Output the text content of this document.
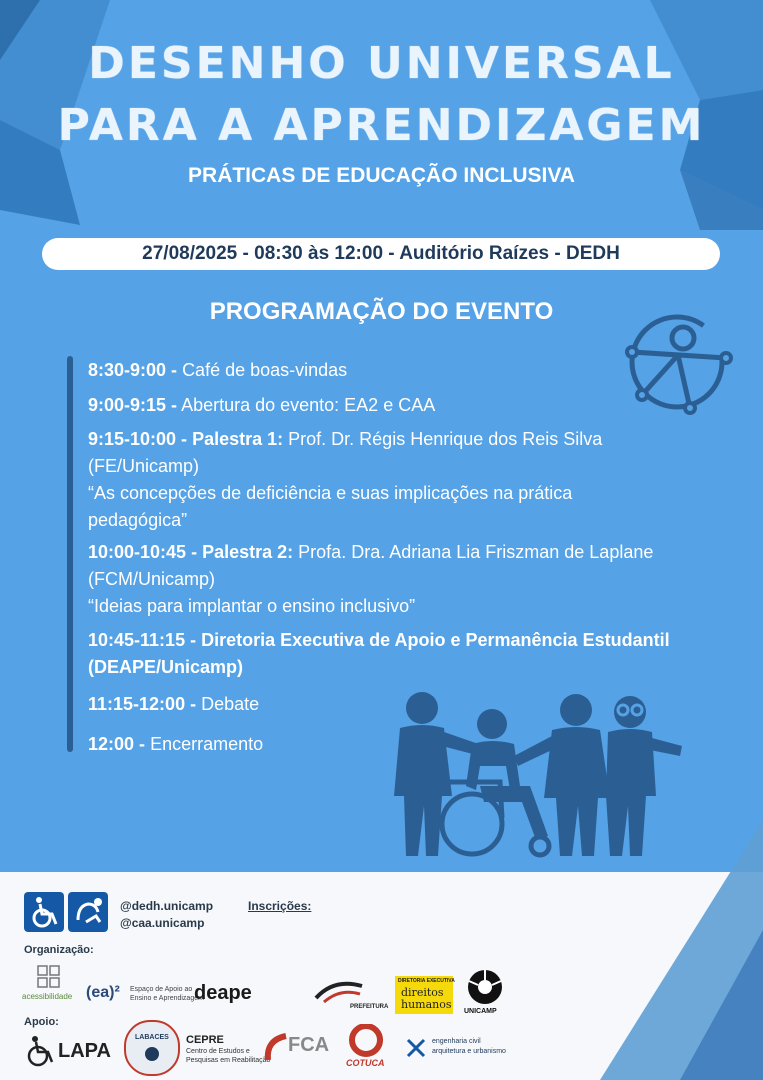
DESENHO UNIVERSAL
PARA A APRENDIZAGEM
PRÁTICAS DE EDUCAÇÃO INCLUSIVA
27/08/2025 - 08:30 às 12:00 - Auditório Raízes - DEDH
PROGRAMAÇÃO DO EVENTO
8:30-9:00 - Café de boas-vindas
9:00-9:15 - Abertura do evento: EA2 e CAA
9:15-10:00 - Palestra 1: Prof. Dr. Régis Henrique dos Reis Silva
(FE/Unicamp)
“As concepções de deficiência e suas implicações na prática
pedagógica”
10:00-10:45 - Palestra 2: Profa. Dra. Adriana Lia Friszman de Laplane
(FCM/Unicamp)
“Ideias para implantar o ensino inclusivo”
10:45-11:15 - Diretoria Executiva de Apoio e Permanência Estudantil
(DEAPE/Unicamp)
11:15-12:00 - Debate
12:00 - Encerramento
@dedh.unicamp
@caa.unicamp
Inscrições:
Organização:
acessibilidade (ea)² Espaço de Apoio ao
Ensino e Aprendizagem
deape
PREFEITURA
DIRETORIA EXECUTIVA
direitos
humanos
UNICAMP
Apoio:
LAPA
LABACES CEPRE
Centro de Estudos e
Pesquisas em Reabilitação
FCA
COTUCA
engenharia civil
arquitetura e urbanismo
